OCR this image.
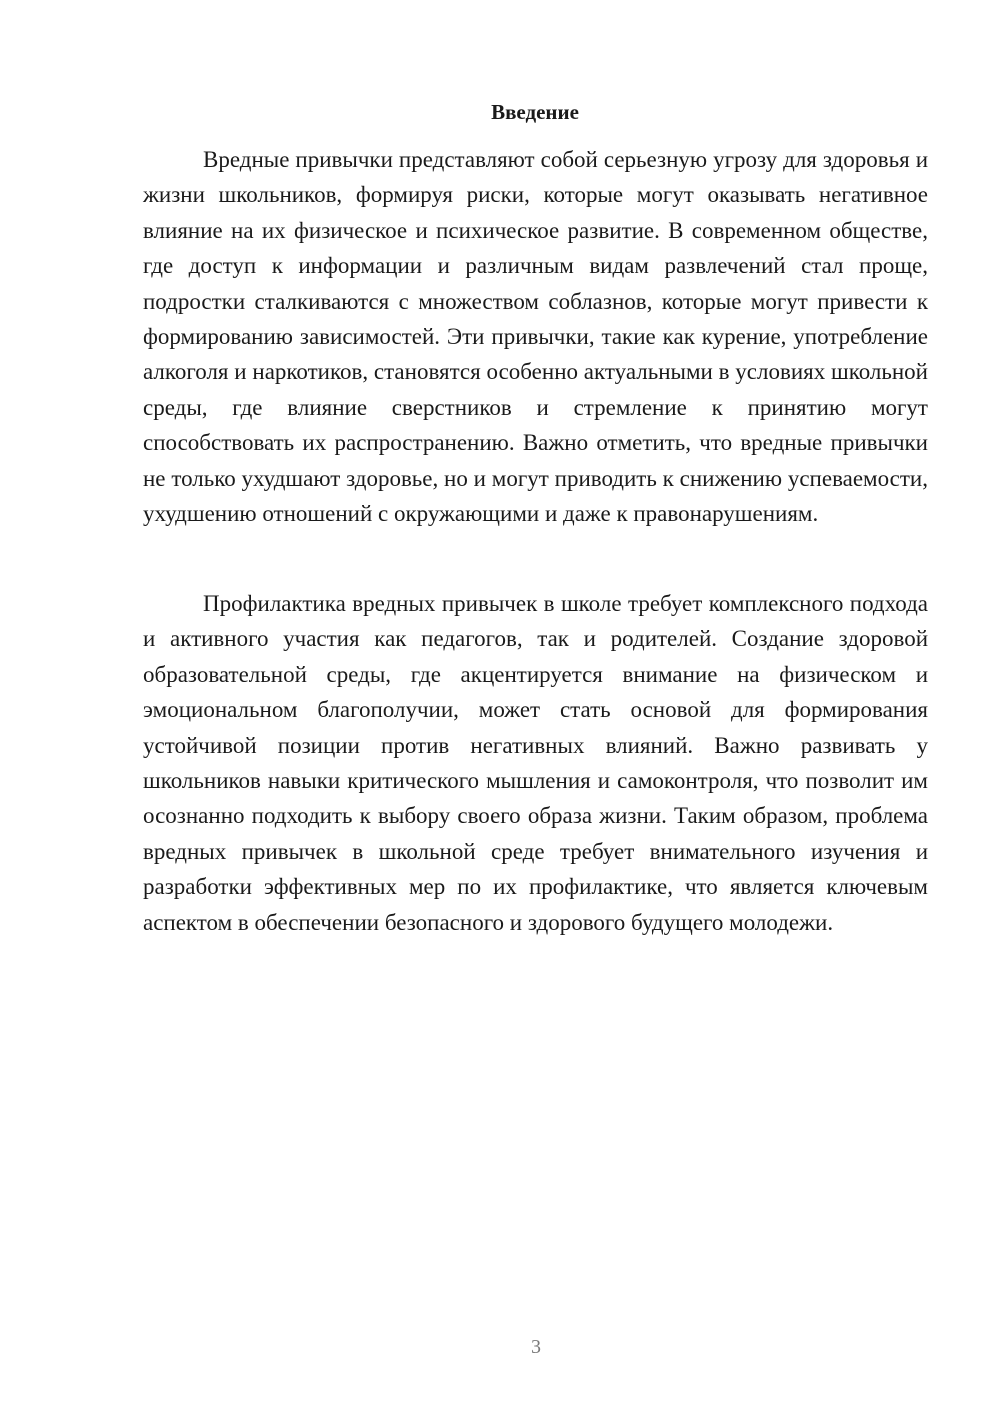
Введение

Вредные привычки представляют собой серьезную угрозу для здоровья и жизни школьников, формируя риски, которые могут оказывать негативное влияние на их физическое и психическое развитие. В современном обществе, где доступ к информации и различным видам развлечений стал проще, подростки сталкиваются с множеством соблазнов, которые могут привести к формированию зависимостей. Эти привычки, такие как курение, употребление алкоголя и наркотиков, становятся особенно актуальными в условиях школьной среды, где влияние сверстников и стремление к принятию могут способствовать их распространению. Важно отметить, что вредные привычки не только ухудшают здоровье, но и могут приводить к снижению успеваемости, ухудшению отношений с окружающими и даже к правонарушениям.

Профилактика вредных привычек в школе требует комплексного подхода и активного участия как педагогов, так и родителей. Создание здоровой образовательной среды, где акцентируется внимание на физическом и эмоциональном благополучии, может стать основой для формирования устойчивой позиции против негативных влияний. Важно развивать у школьников навыки критического мышления и самоконтроля, что позволит им осознанно подходить к выбору своего образа жизни. Таким образом, проблема вредных привычек в школьной среде требует внимательного изучения и разработки эффективных мер по их профилактике, что является ключевым аспектом в обеспечении безопасного и здорового будущего молодежи.

3
